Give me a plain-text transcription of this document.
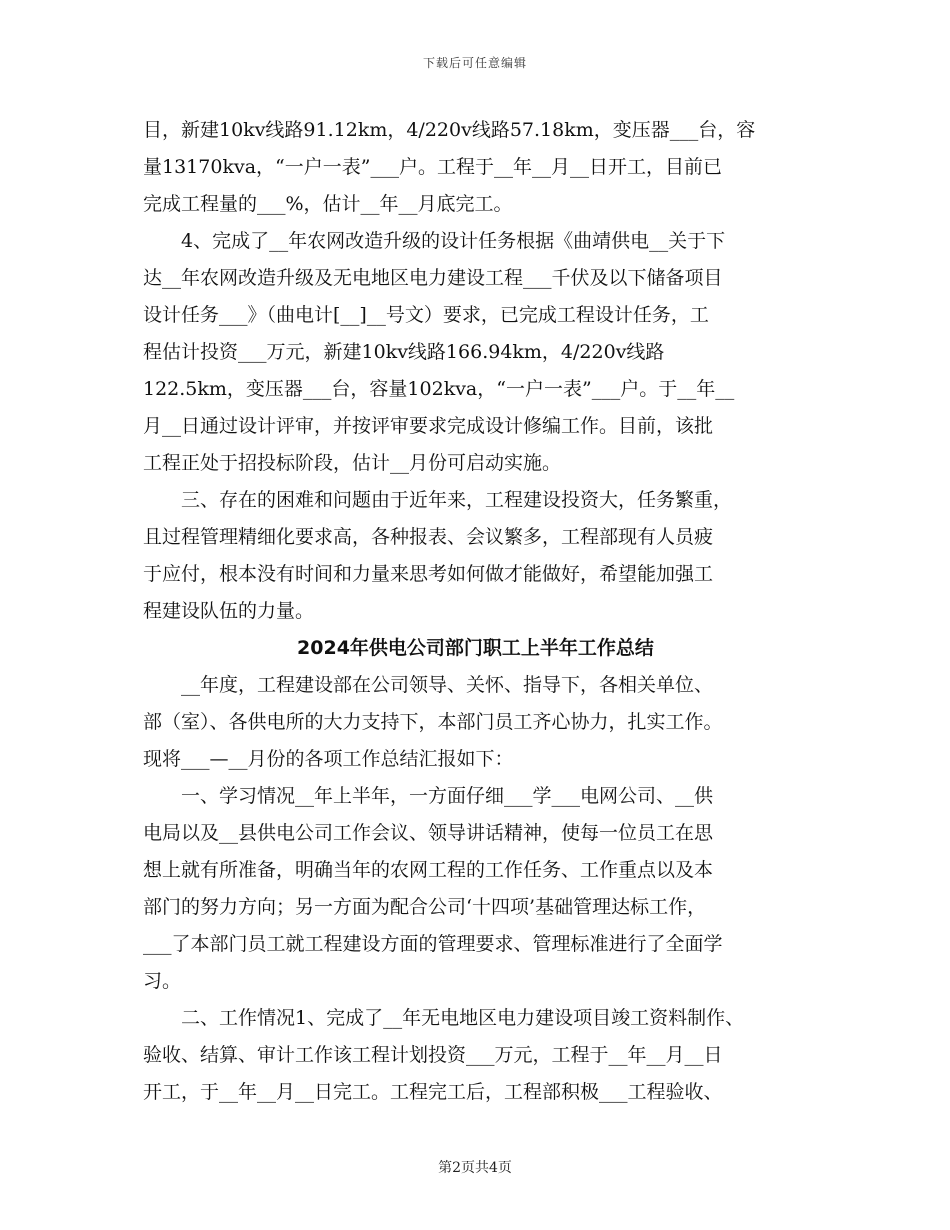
下载后可任意编辑
目，新建10kv线路91.12km，4/220v线路57.18km，变压器___台，容
量13170kva，“一户一表”___户。工程于__年__月__日开工，目前已
完成工程量的___%，估计__年__月底完工。
　　4、完成了__年农网改造升级的设计任务根据《曲靖供电__关于下
达__年农网改造升级及无电地区电力建设工程___千伏及以下储备项目
设计任务___》（曲电计[__]__号文）要求，已完成工程设计任务，工
程估计投资___万元，新建10kv线路166.94km，4/220v线路
122.5km，变压器___台，容量102kva，“一户一表”___户。于__年__
月__日通过设计评审，并按评审要求完成设计修编工作。目前，该批
工程正处于招投标阶段，估计__月份可启动实施。
　　三、存在的困难和问题由于近年来，工程建设投资大，任务繁重，
且过程管理精细化要求高，各种报表、会议繁多，工程部现有人员疲
于应付，根本没有时间和力量来思考如何做才能做好，希望能加强工
程建设队伍的力量。
2024年供电公司部门职工上半年工作总结
　　__年度，工程建设部在公司领导、关怀、指导下，各相关单位、
部（室）、各供电所的大力支持下，本部门员工齐心协力，扎实工作。
现将___—__月份的各项工作总结汇报如下：
　　一、学习情况__年上半年，一方面仔细___学___电网公司、__供
电局以及__县供电公司工作会议、领导讲话精神，使每一位员工在思
想上就有所准备，明确当年的农网工程的工作任务、工作重点以及本
部门的努力方向；另一方面为配合公司‘十四项’基础管理达标工作，
___了本部门员工就工程建设方面的管理要求、管理标准进行了全面学
习。
　　二、工作情况1、完成了__年无电地区电力建设项目竣工资料制作、
验收、结算、审计工作该工程计划投资___万元，工程于__年__月__日
开工，于__年__月__日完工。工程完工后，工程部积极___工程验收、
第2页共4页
